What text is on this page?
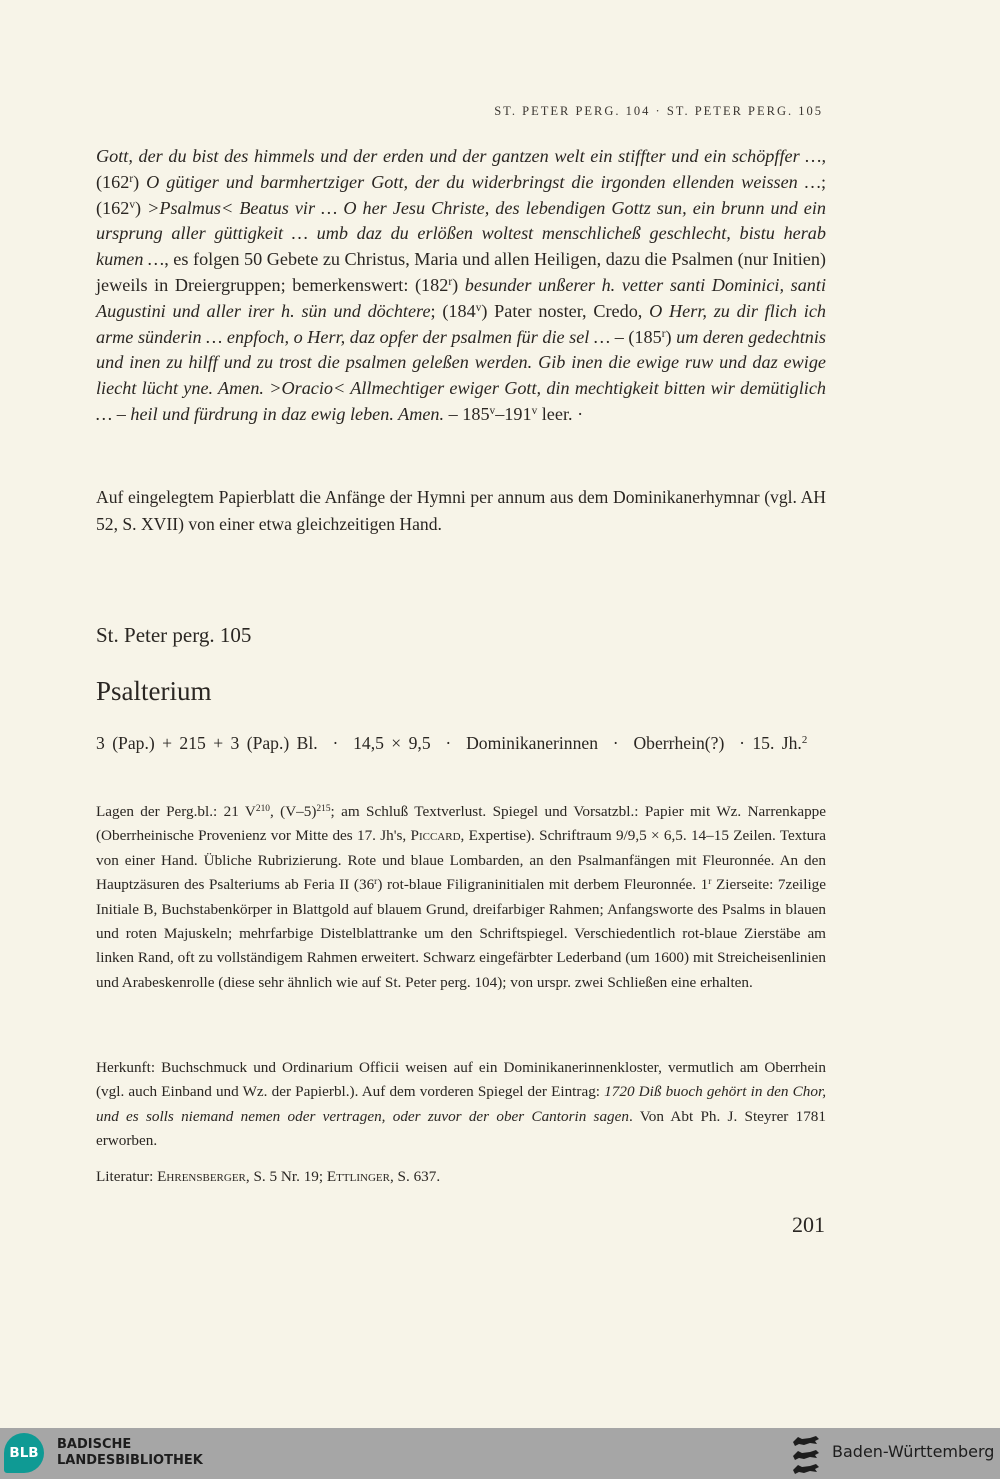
ST. PETER PERG. 104 · ST. PETER PERG. 105
Gott, der du bist des himmels und der erden und der gantzen welt ein stiffter und ein schöpffer …, (162$^r$) O gütiger und barmhertziger Gott, der du widerbringst die irgonden ellenden weissen …; $(162^v)$ >Psalmus< Beatus vir … O her Jesu Christe, des lebendigen Gottz sun, ein brunn und ein ursprung aller güttigkeit … umb daz du erlößen woltest menschlicheß geschlecht, bistu herab kumen …, es folgen 50 Gebete zu Christus, Maria und allen Heiligen, dazu die Psalmen (nur Initien) jeweils in Dreiergruppen; bemerkenswert: (182$^r$) besunder unßerer h. vetter santi Dominici, santi Augustini und aller irer h. sün und döchtere; (184$^v$) Pater noster, Credo, O Herr, zu dir flich ich arme sünderin … enpfoch, o Herr, daz opfer der psalmen für die sel … – (185$^r$) um deren gedechtnis und inen zu hilff und zu trost die psalmen geleßen werden. Gib inen die ewige ruw und daz ewige liecht lücht yne. Amen. >Oracio< Allmechtiger ewiger Gott, din mechtigkeit bitten wir demütiglich … – heil und fürdrung in daz ewig leben. Amen. – 185$^v$–191$^v$ leer. ·
Auf eingelegtem Papierblatt die Anfänge der Hymni per annum aus dem Dominikanerhymnar (vgl. AH 52, S. XVII) von einer etwa gleichzeitigen Hand.
St. Peter perg. 105
Psalterium
3 (Pap.) + 215 + 3 (Pap.) Bl. · 14,5 × 9,5 · Dominikanerinnen · Oberrhein(?) · 15. Jh.$^2$
Lagen der Perg.bl.: 21 $V^{210}$, $(V-5)^{215}$; am Schluß Textverlust. Spiegel und Vorsatzbl.: Papier mit Wz. Narrenkappe (Oberrheinische Provenienz vor Mitte des 17. Jh's, Piccard, Expertise). Schriftraum 9/9,5 × 6,5. 14–15 Zeilen. Textura von einer Hand. Übliche Rubrizierung. Rote und blaue Lombarden, an den Psalmanfängen mit Fleuronnée. An den Hauptzäsuren des Psalteriums ab Feria II (36$^r$) rot-blaue Filigraninitialen mit derbem Fleuronnée. 1$^r$ Zierseite: 7zeilige Initiale B, Buchstabenkörper in Blattgold auf blauem Grund, dreifarbiger Rahmen; Anfangsworte des Psalms in blauen und roten Majuskeln; mehrfarbige Distelblattranke um den Schriftspiegel. Verschiedentlich rot-blaue Zierstäbe am linken Rand, oft zu vollständigem Rahmen erweitert. Schwarz eingefärbter Lederband (um 1600) mit Streicheisenlinien und Arabeskenrolle (diese sehr ähnlich wie auf St. Peter perg. 104); von urspr. zwei Schließen eine erhalten.
Herkunft: Buchschmuck und Ordinarium Officii weisen auf ein Dominikanerinnenkloster, vermutlich am Oberrhein (vgl. auch Einband und Wz. der Papierbl.). Auf dem vorderen Spiegel der Eintrag: 1720 Diß buoch gehört in den Chor, und es solls niemand nemen oder vertragen, oder zuvor der ober Cantorin sagen. Von Abt Ph. J. Steyrer 1781 erworben.
Literatur: Ehrensberger, S. 5 Nr. 19; Ettlinger, S. 637.
201
BLB
BADISCHE
LANDESBIBLIOTHEK	Baden-Württemberg
